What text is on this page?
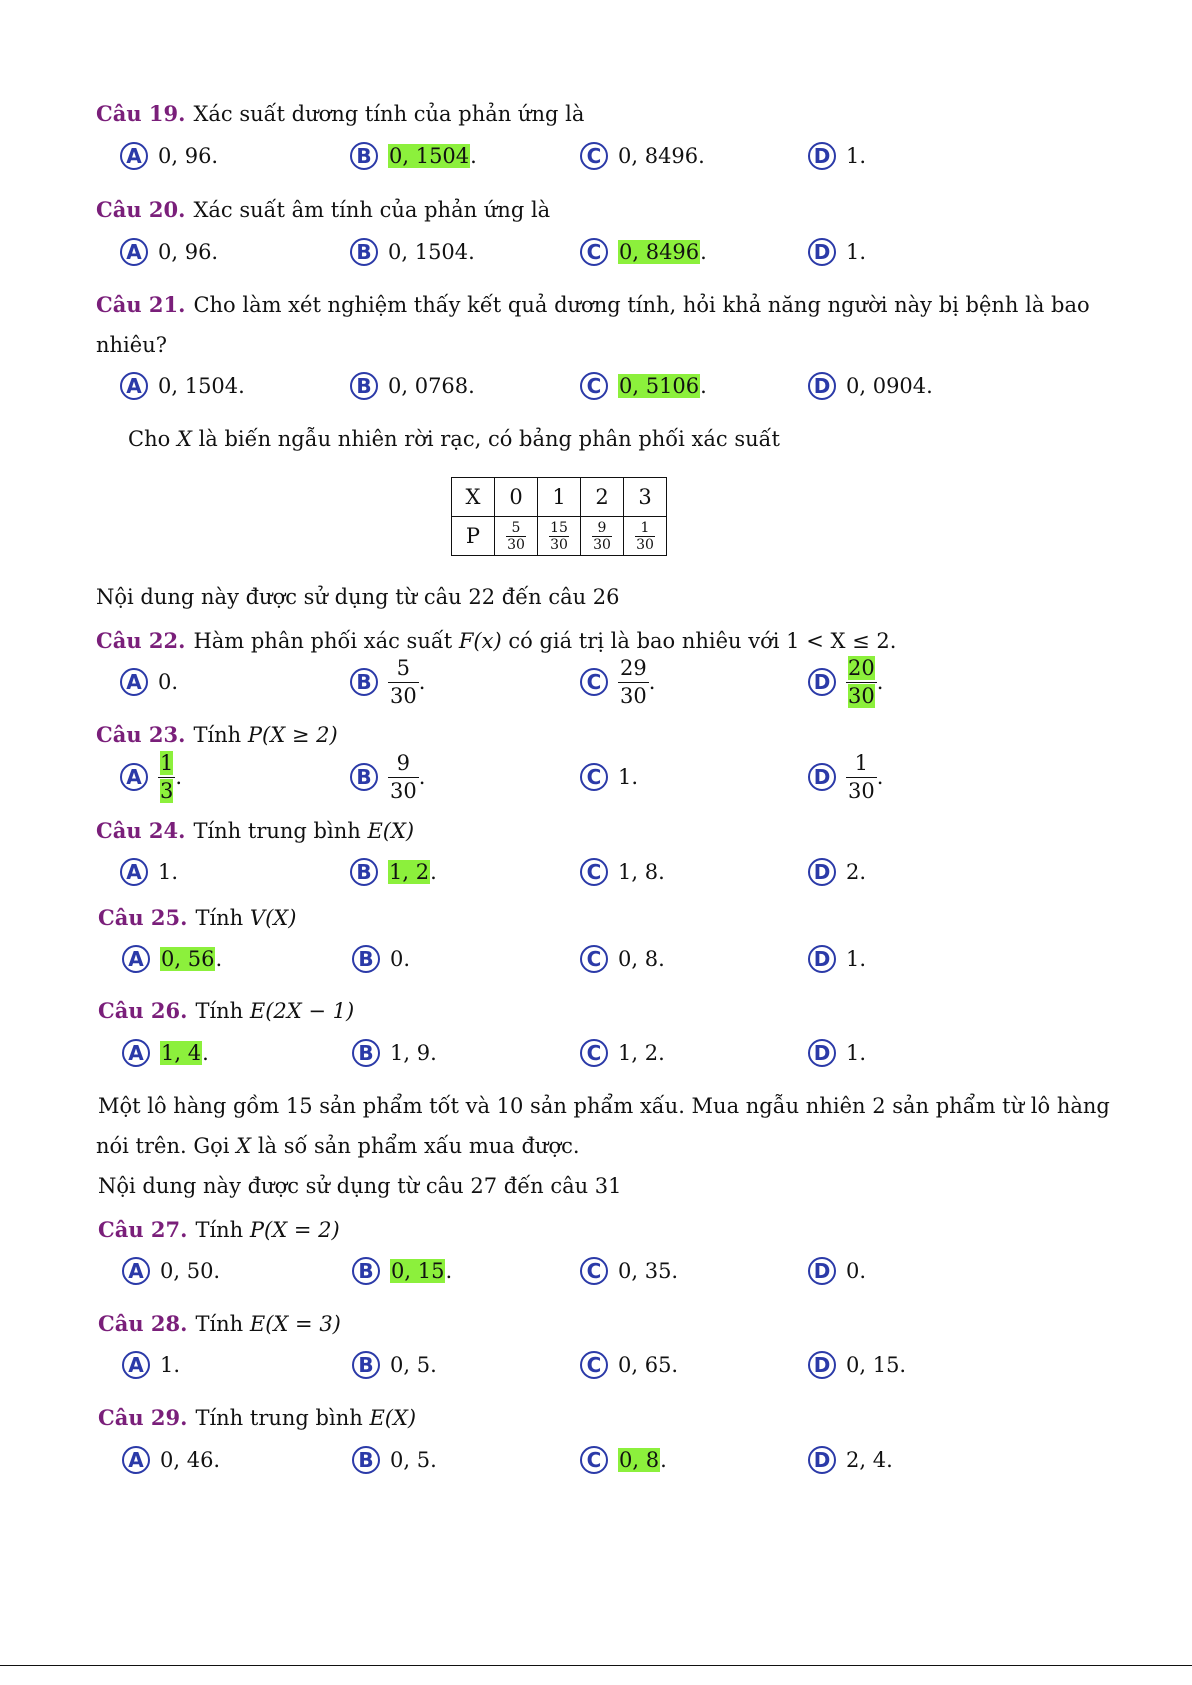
Câu 19. Xác suất dương tính của phản ứng là
A 0, 96.	B 0, 1504 .	C 0, 8496.	D 1.
Câu 20. Xác suất âm tính của phản ứng là
A 0, 96.	B 0, 1504.	C 0, 8496 .	D 1.
Câu 21. Cho làm xét nghiệm thấy kết quả dương tính, hỏi khả năng người này bị bệnh là bao
nhiêu?
A 0, 1504.	B 0, 0768.	C 0, 5106 .	D 0, 0904.
Cho X là biến ngẫu nhiên rời rạc, có bảng phân phối xác suất
X	0	1	2	3
P	$\frac{5}{30}$	$\frac{15}{30}$	$\frac{9}{30}$	$\frac{1}{30}$
Nội dung này được sử dụng từ câu 22 đến câu 26
Câu 22. Hàm phân phối xác suất F(x) có giá trị là bao nhiêu với 1 < X ≤ 2.
A 0.	B $\frac{5}{30}$ .	C $\frac{29}{30}$ .	D $\frac{20}{30}$ .
Câu 23. Tính P(X ≥ 2)
A $\frac{1}{3}$ .	B $\frac{9}{30}$ .	C 1.	D $\frac{1}{30}$ .
Câu 24. Tính trung bình E(X)
A 1.	B 1, 2 .	C 1, 8.	D 2.
Câu 25. Tính V(X)
A 0, 56 .	B 0.	C 0, 8.	D 1.
Câu 26. Tính E(2X − 1)
A 1, 4 .	B 1, 9.	C 1, 2.	D 1.
Một lô hàng gồm 15 sản phẩm tốt và 10 sản phẩm xấu. Mua ngẫu nhiên 2 sản phẩm từ lô hàng
nói trên. Gọi X là số sản phẩm xấu mua được.
Nội dung này được sử dụng từ câu 27 đến câu 31
Câu 27. Tính P(X = 2)
A 0, 50.	B 0, 15 .	C 0, 35.	D 0.
Câu 28. Tính E(X = 3)
A 1.	B 0, 5.	C 0, 65.	D 0, 15.
Câu 29. Tính trung bình E(X)
A 0, 46.	B 0, 5.	C 0, 8 .	D 2, 4.
